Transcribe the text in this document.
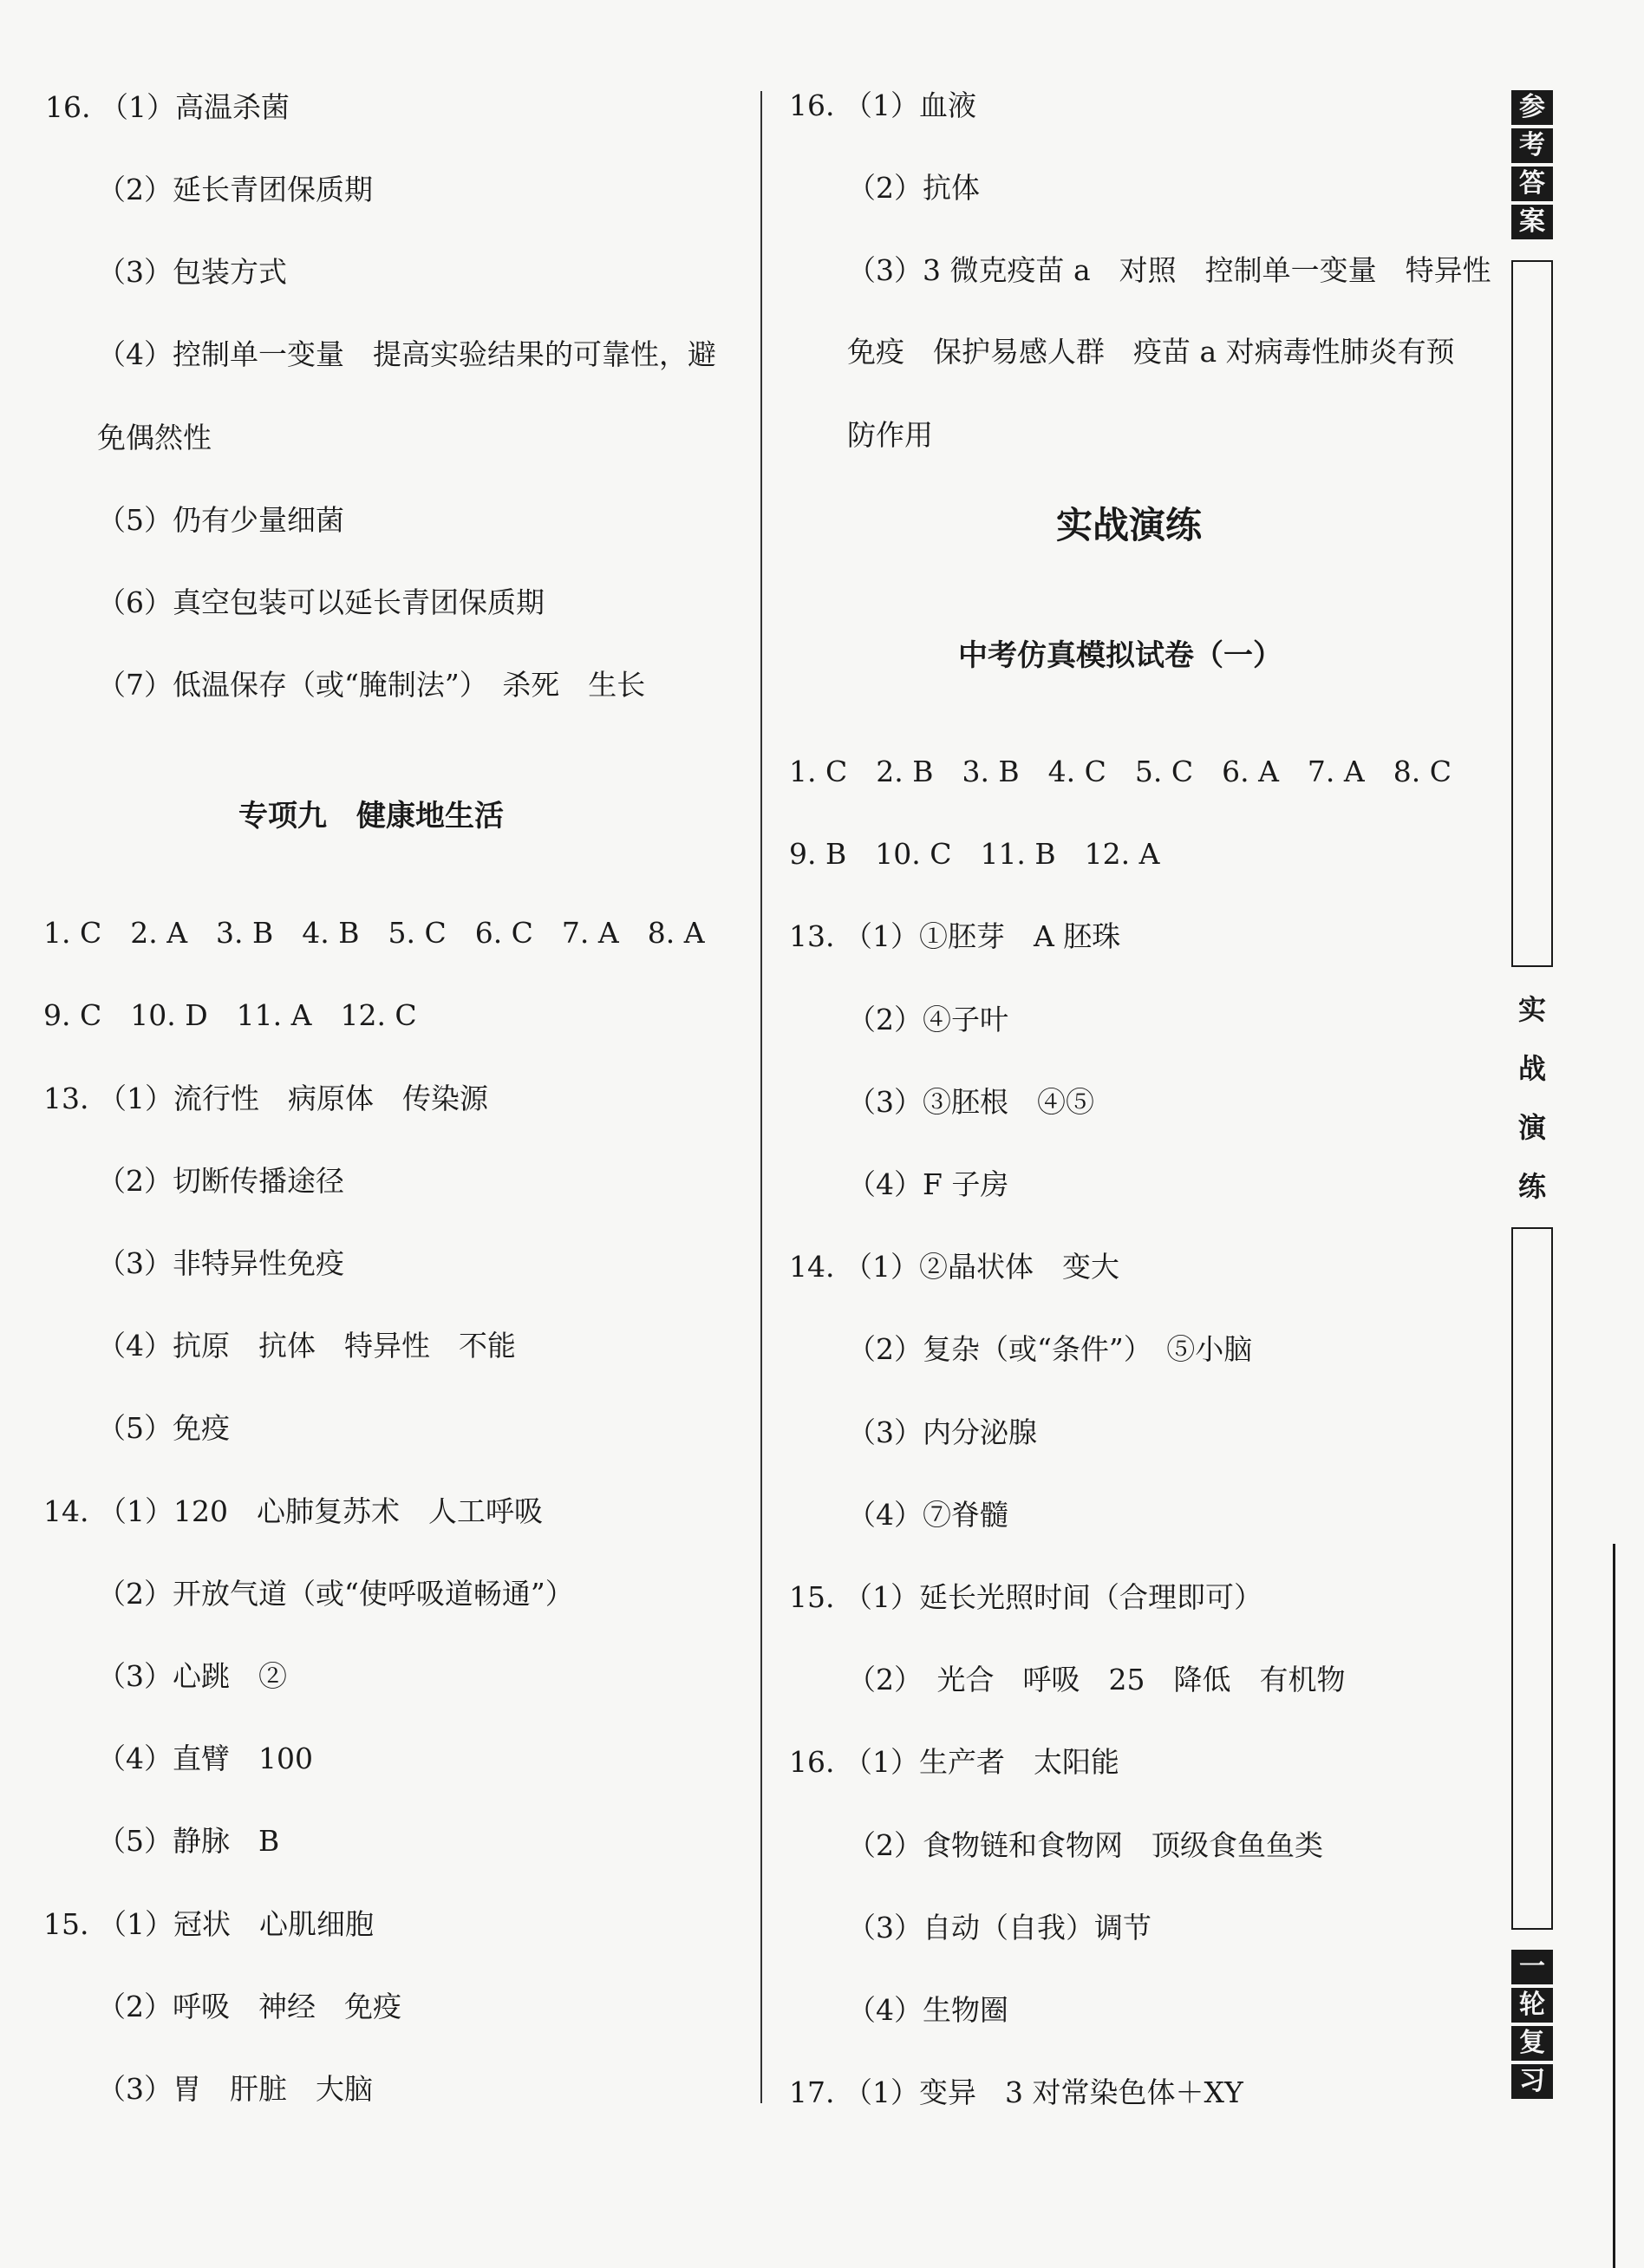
16. （1）高温杀菌
（2）延长青团保质期
（3）包装方式
（4）控制单一变量　提高实验结果的可靠性，避
免偶然性
（5）仍有少量细菌
（6）真空包装可以延长青团保质期
（7）低温保存（或“腌制法”）　杀死　生长
专项九　健康地生活
1. C　2. A　3. B　4. B　5. C　6. C　7. A　8. A
9. C　10. D　11. A　12. C
13. （1）流行性　病原体　传染源
（2）切断传播途径
（3）非特异性免疫
（4）抗原　抗体　特异性　不能
（5）免疫
14. （1）120　心肺复苏术　人工呼吸
（2）开放气道（或“使呼吸道畅通”）
（3）心跳　②
（4）直臂　100
（5）静脉　B
15. （1）冠状　心肌细胞
（2）呼吸　神经　免疫
（3）胃　肝脏　大脑
16. （1）血液
（2）抗体
（3）3 微克疫苗 a　对照　控制单一变量　特异性
免疫　保护易感人群　疫苗 a 对病毒性肺炎有预
防作用
实战演练
中考仿真模拟试卷（一）
1. C　2. B　3. B　4. C　5. C　6. A　7. A　8. C
9. B　10. C　11. B　12. A
13. （1）①胚芽　A 胚珠
（2）④子叶
（3）③胚根　④⑤
（4）F 子房
14. （1）②晶状体　变大
（2）复杂（或“条件”）　⑤小脑
（3）内分泌腺
（4）⑦脊髓
15. （1）延长光照时间（合理即可）
（2）　光合　呼吸　25　降低　有机物
16. （1）生产者　太阳能
（2）食物链和食物网　顶级食鱼鱼类
（3）自动（自我）调节
（4）生物圈
17. （1）变异　3 对常染色体＋XY
参
考
答
案
实
战
演
练
一
轮
复
习
